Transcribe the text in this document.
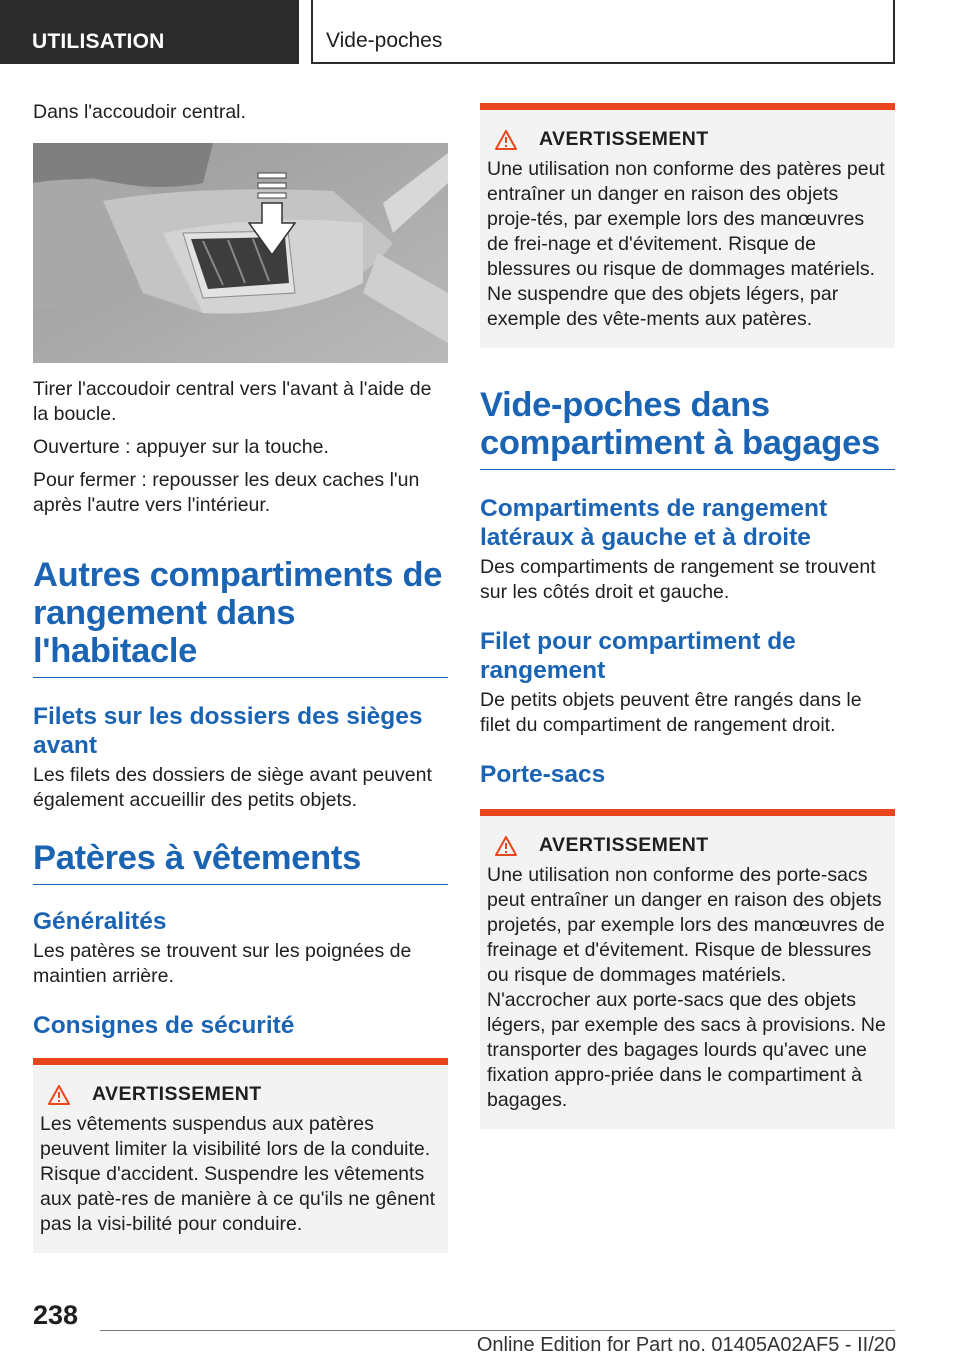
UTILISATION	Vide-poches

Dans l'accoudoir central.

Tirer l'accoudoir central vers l'avant à l'aide de la boucle.

Ouverture : appuyer sur la touche.

Pour fermer : repousser les deux caches l'un après l'autre vers l'intérieur.

Autres compartiments de rangement dans l'habitacle
Filets sur les dossiers des sièges avant

Les filets des dossiers de siège avant peuvent également accueillir des petits objets.

Patères à vêtements
Généralités

Les patères se trouvent sur les poignées de maintien arrière.

Consignes de sécurité
AVERTISSEMENT

Les vêtements suspendus aux patères peuvent limiter la visibilité lors de la conduite. Risque d'accident. Suspendre les vêtements aux patè-res de manière à ce qu'ils ne gênent pas la visi-bilité pour conduire.

AVERTISSEMENT

Une utilisation non conforme des patères peut entraîner un danger en raison des objets proje-tés, par exemple lors des manœuvres de frei-nage et d'évitement. Risque de blessures ou risque de dommages matériels. Ne suspendre que des objets légers, par exemple des vête-ments aux patères.

Vide-poches dans compartiment à bagages
Compartiments de rangement latéraux à gauche et à droite

Des compartiments de rangement se trouvent sur les côtés droit et gauche.

Filet pour compartiment de rangement

De petits objets peuvent être rangés dans le filet du compartiment de rangement droit.

Porte-sacs
AVERTISSEMENT

Une utilisation non conforme des porte-sacs peut entraîner un danger en raison des objets projetés, par exemple lors des manœuvres de freinage et d'évitement. Risque de blessures ou risque de dommages matériels. N'accrocher aux porte-sacs que des objets légers, par exemple des sacs à provisions. Ne transporter des bagages lourds qu'avec une fixation appro-priée dans le compartiment à bagages.

238
Online Edition for Part no. 01405A02AF5 - II/20
